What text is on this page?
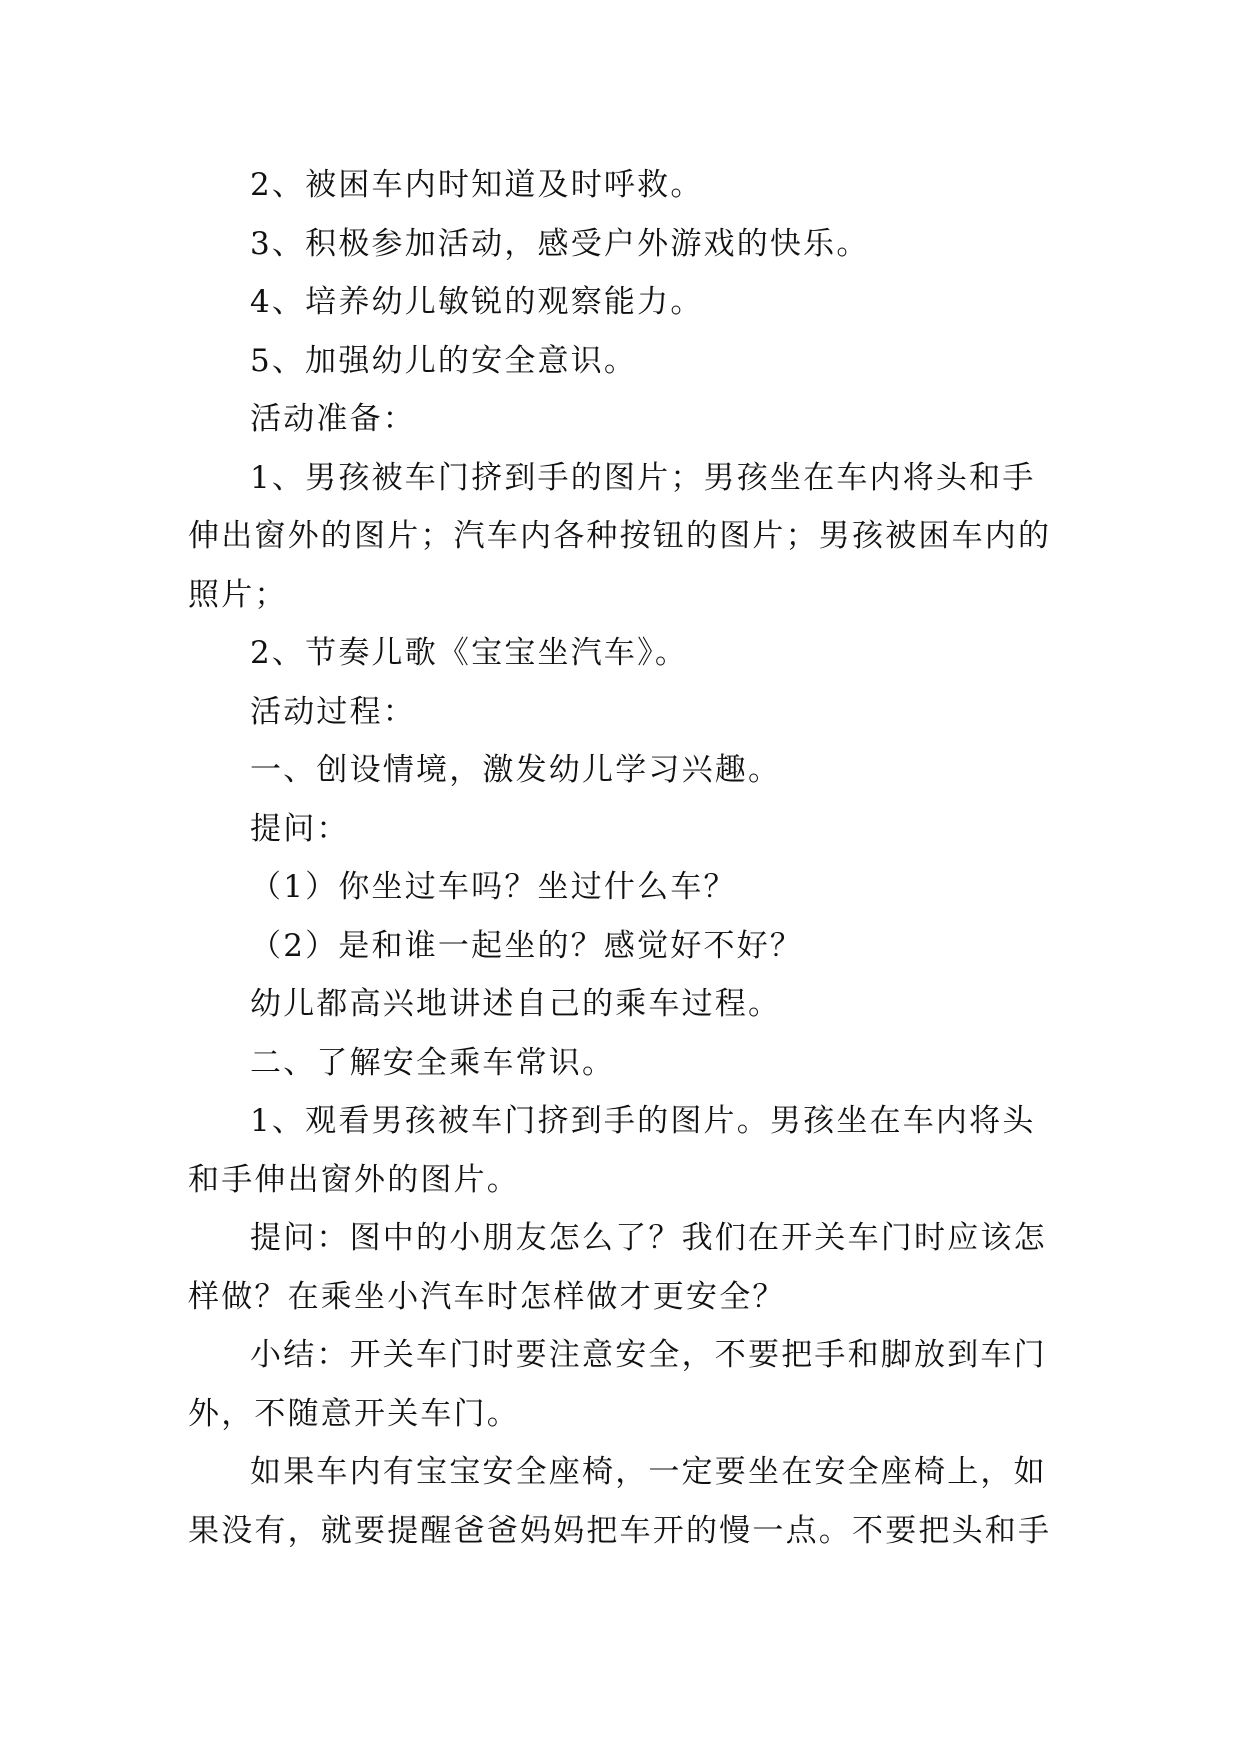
2、被困车内时知道及时呼救。

3、积极参加活动，感受户外游戏的快乐。

4、培养幼儿敏锐的观察能力。

5、加强幼儿的安全意识。

活动准备：

1、男孩被车门挤到手的图片；男孩坐在车内将头和手伸出窗外的图片；汽车内各种按钮的图片；男孩被困车内的照片；

2、节奏儿歌《宝宝坐汽车》。

活动过程：

一、创设情境，激发幼儿学习兴趣。

提问：

（1）你坐过车吗？坐过什么车？

（2）是和谁一起坐的？感觉好不好？

幼儿都高兴地讲述自己的乘车过程。

二、了解安全乘车常识。

1、观看男孩被车门挤到手的图片。男孩坐在车内将头和手伸出窗外的图片。

提问：图中的小朋友怎么了？我们在开关车门时应该怎样做？在乘坐小汽车时怎样做才更安全？

小结：开关车门时要注意安全，不要把手和脚放到车门外，不随意开关车门。

如果车内有宝宝安全座椅，一定要坐在安全座椅上，如果没有，就要提醒爸爸妈妈把车开的慢一点。不要把头和手
